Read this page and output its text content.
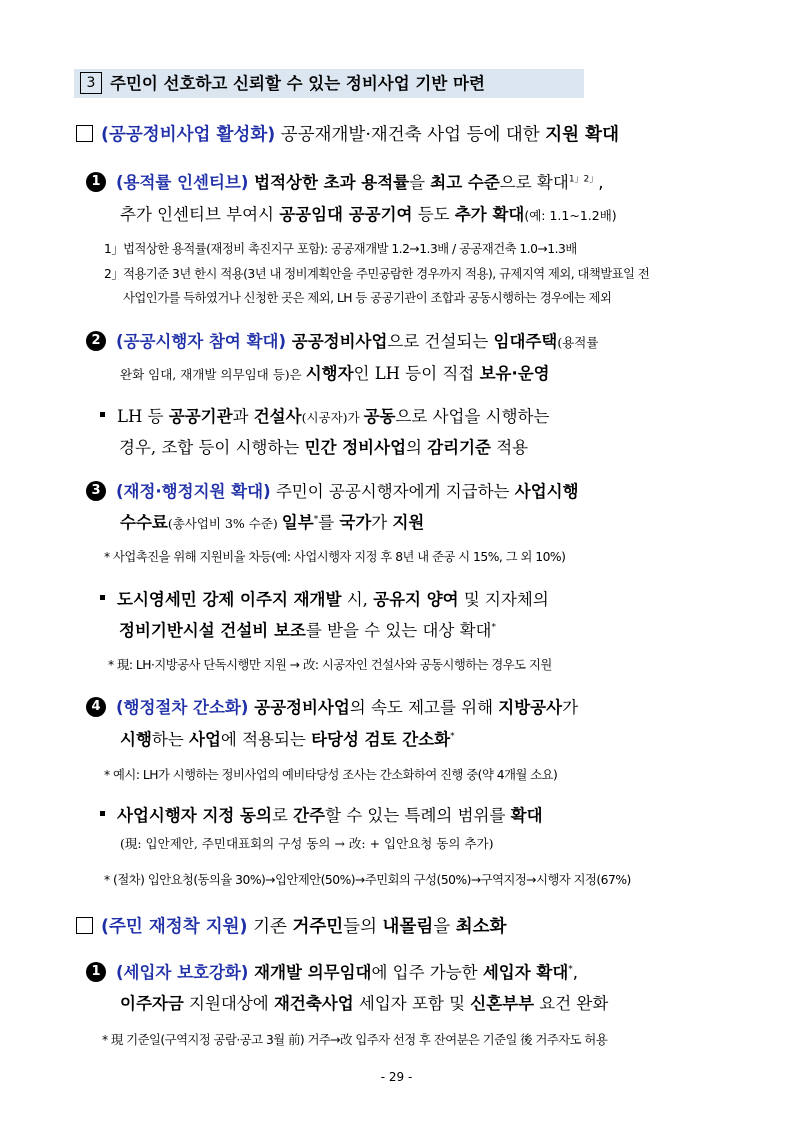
3 주민이 선호하고 신뢰할 수 있는 정비사업 기반 마련
(공공정비사업 활성화) 공공재개발·재건축 사업 등에 대한 지원 확대
1 (용적률 인센티브) 법적상한 초과 용적률을 최고 수준으로 확대$^{1」2」}$,
추가 인센티브 부여시 공공임대 공공기여 등도 추가 확대(예: 1.1~1.2배)
1」법적상한 용적률(재정비 촉진지구 포함): 공공재개발 1.2→1.3배 / 공공재건축 1.0→1.3배
2」적용기준 3년 한시 적용(3년 내 정비계획안을 주민공람한 경우까지 적용), 규제지역 제외, 대책발표일 전
사업인가를 득하였거나 신청한 곳은 제외, LH 등 공공기관이 조합과 공동시행하는 경우에는 제외
2 (공공시행자 참여 확대) 공공정비사업으로 건설되는 임대주택(용적률
완화 임대, 재개발 의무임대 등)은 시행자인 LH 등이 직접 보유·운영
LH 등 공공기관과 건설사(시공자)가 공동으로 사업을 시행하는
경우, 조합 등이 시행하는 민간 정비사업의 감리기준 적용
3 (재정·행정지원 확대) 주민이 공공시행자에게 지급하는 사업시행
수수료(총사업비 3% 수준) 일부*를 국가가 지원
* 사업촉진을 위해 지원비율 차등(예: 사업시행자 지정 후 8년 내 준공 시 15%, 그 외 10%)
도시영세민 강제 이주지 재개발 시, 공유지 양여 및 지자체의
정비기반시설 건설비 보조를 받을 수 있는 대상 확대*
* 現: LH·지방공사 단독시행만 지원 → 改: 시공자인 건설사와 공동시행하는 경우도 지원
4 (행정절차 간소화) 공공정비사업의 속도 제고를 위해 지방공사가
시행하는 사업에 적용되는 타당성 검토 간소화*
* 예시: LH가 시행하는 정비사업의 예비타당성 조사는 간소화하여 진행 중(약 4개월 소요)
사업시행자 지정 동의로 간주할 수 있는 특례의 범위를 확대
(現: 입안제안, 주민대표회의 구성 동의 → 改: + 입안요청 동의 추가)
* (절차) 입안요청(동의율 30%)→입안제안(50%)→주민회의 구성(50%)→구역지정→시행자 지정(67%)
(주민 재정착 지원) 기존 거주민들의 내몰림을 최소화
1 (세입자 보호강화) 재개발 의무임대에 입주 가능한 세입자 확대*,
이주자금 지원대상에 재건축사업 세입자 포함 및 신혼부부 요건 완화
* 現 기준일(구역지정 공람·공고 3월 前) 거주→改 입주자 선정 후 잔여분은 기준일 後 거주자도 허용
- 29 -
